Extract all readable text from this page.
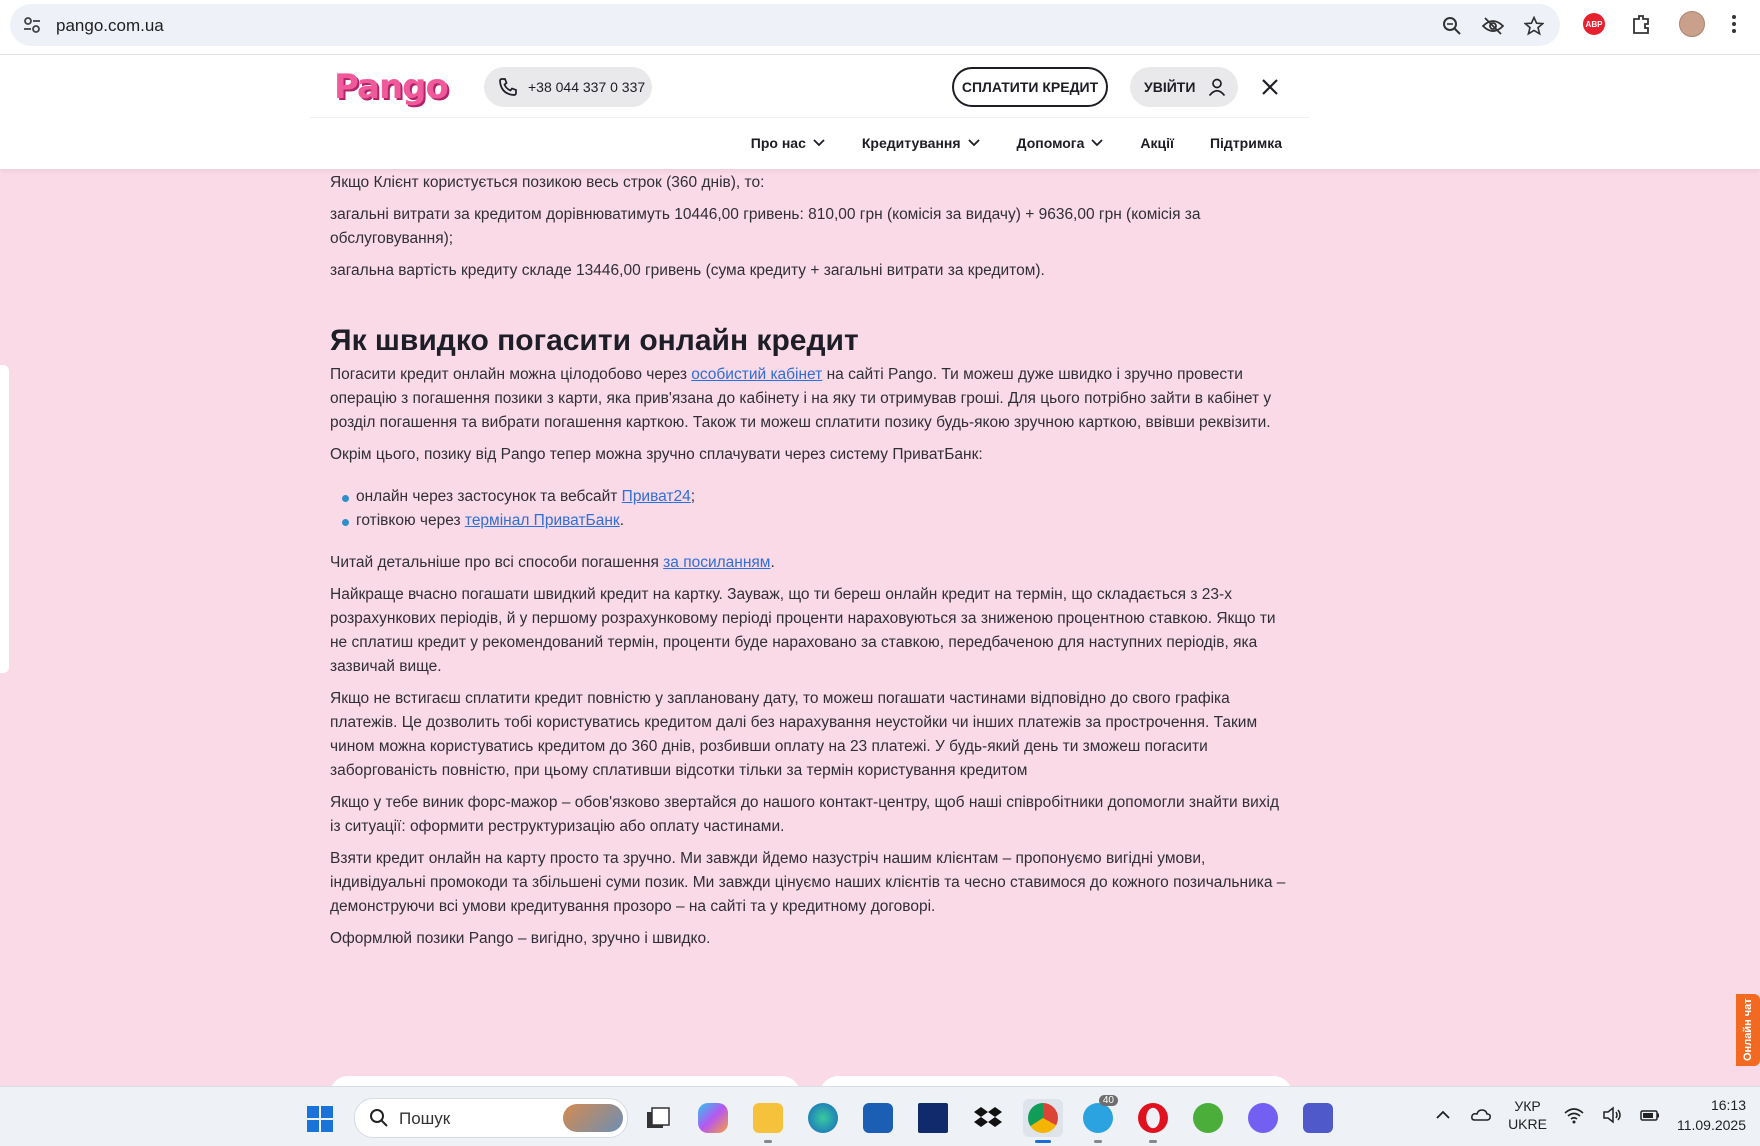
pango.com.ua	ABP
Pango	+38 044 337 0 337	СПЛАТИТИ КРЕДИТ	УВІЙТИ
Про нас	Кредитування	Допомога	Акції	Підтримка

Якщо Клієнт користується позикою весь строк (360 днів), то:

загальні витрати за кредитом дорівнюватимуть 10446,00 гривень: 810,00 грн (комісія за видачу) + 9636,00 грн (комісія за обслуговування);

загальна вартість кредиту складе 13446,00 гривень (сума кредиту + загальні витрати за кредитом).

Як швидко погасити онлайн кредит

Погасити кредит онлайн можна цілодобово через особистий кабінет на сайті Pango. Ти можеш дуже швидко і зручно провести операцію з погашення позики з карти, яка прив'язана до кабінету і на яку ти отримував гроші. Для цього потрібно зайти в кабінет у розділ погашення та вибрати погашення карткою. Також ти можеш сплатити позику будь-якою зручною карткою, ввівши реквізити.

Окрім цього, позику від Pango тепер можна зручно сплачувати через систему ПриватБанк:

онлайн через застосунок та вебсайт Приват24;
готівкою через термінал ПриватБанк.

Читай детальніше про всі способи погашення за посиланням.

Найкраще вчасно погашати швидкий кредит на картку. Зауваж, що ти береш онлайн кредит на термін, що складається з 23-х розрахункових періодів, й у першому розрахунковому періоді проценти нараховуються за зниженою процентною ставкою. Якщо ти не сплатиш кредит у рекомендований термін, проценти буде нараховано за ставкою, передбаченою для наступних періодів, яка зазвичай вище.

Якщо не встигаєш сплатити кредит повністю у заплановану дату, то можеш погашати частинами відповідно до свого графіка платежів. Це дозволить тобі користуватись кредитом далі без нарахування неустойки чи інших платежів за прострочення. Таким чином можна користуватись кредитом до 360 днів, розбивши оплату на 23 платежі. У будь-який день ти зможеш погасити заборгованість повністю, при цьому сплативши відсотки тільки за термін користування кредитом

Якщо у тебе виник форс-мажор – обов'язково звертайся до нашого контакт-центру, щоб наші співробітники допомогли знайти вихід із ситуації: оформити реструктуризацію або оплату частинами.

Взяти кредит онлайн на карту просто та зручно. Ми завжди йдемо назустріч нашим клієнтам – пропонуємо вигідні умови, індивідуальні промокоди та збільшені суми позик. Ми завжди цінуємо наших клієнтів та чесно ставимося до кожного позичальника – демонструючи всі умови кредитування прозоро – на сайті та у кредитному договорі.

Оформлюй позики Pango – вигідно, зручно і швидко.

Онлайн чат
Пошук
40	УКР
UKRE
16:13
11.09.2025
